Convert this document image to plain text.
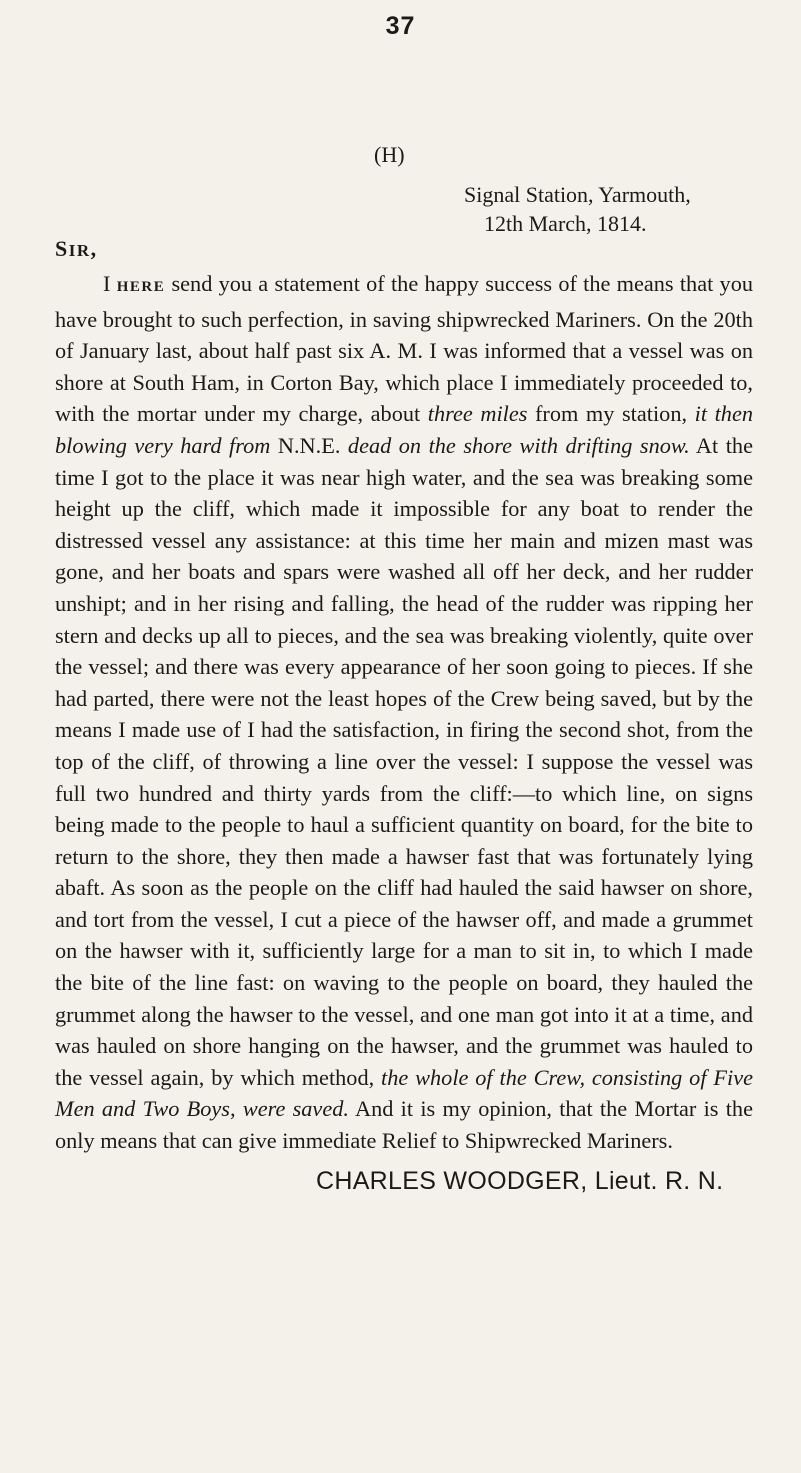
37
(H)
Signal Station, Yarmouth,
12th March, 1814.
SIR,

I HERE send you a statement of the happy success of the means that you have brought to such perfection, in saving shipwrecked Mariners. On the 20th of January last, about half past six A. M. I was informed that a vessel was on shore at South Ham, in Corton Bay, which place I immediately proceeded to, with the mortar under my charge, about three miles from my station, it then blowing very hard from N.N.E. dead on the shore with drifting snow. At the time I got to the place it was near high water, and the sea was breaking some height up the cliff, which made it impossible for any boat to render the distressed vessel any assistance: at this time her main and mizen mast was gone, and her boats and spars were washed all off her deck, and her rudder unshipt; and in her rising and falling, the head of the rudder was ripping her stern and decks up all to pieces, and the sea was breaking violently, quite over the vessel; and there was every appearance of her soon going to pieces. If she had parted, there were not the least hopes of the Crew being saved, but by the means I made use of I had the satisfaction, in firing the second shot, from the top of the cliff, of throwing a line over the vessel: I suppose the vessel was full two hundred and thirty yards from the cliff:—to which line, on signs being made to the people to haul a sufficient quantity on board, for the bite to return to the shore, they then made a hawser fast that was fortunately lying abaft. As soon as the people on the cliff had hauled the said hawser on shore, and tort from the vessel, I cut a piece of the hawser off, and made a grummet on the hawser with it, sufficiently large for a man to sit in, to which I made the bite of the line fast: on waving to the people on board, they hauled the grummet along the hawser to the vessel, and one man got into it at a time, and was hauled on shore hanging on the hawser, and the grummet was hauled to the vessel again, by which method, the whole of the Crew, consisting of Five Men and Two Boys, were saved. And it is my opinion, that the Mortar is the only means that can give immediate Relief to Shipwrecked Mariners.

CHARLES WOODGER, Lieut. R. N.
